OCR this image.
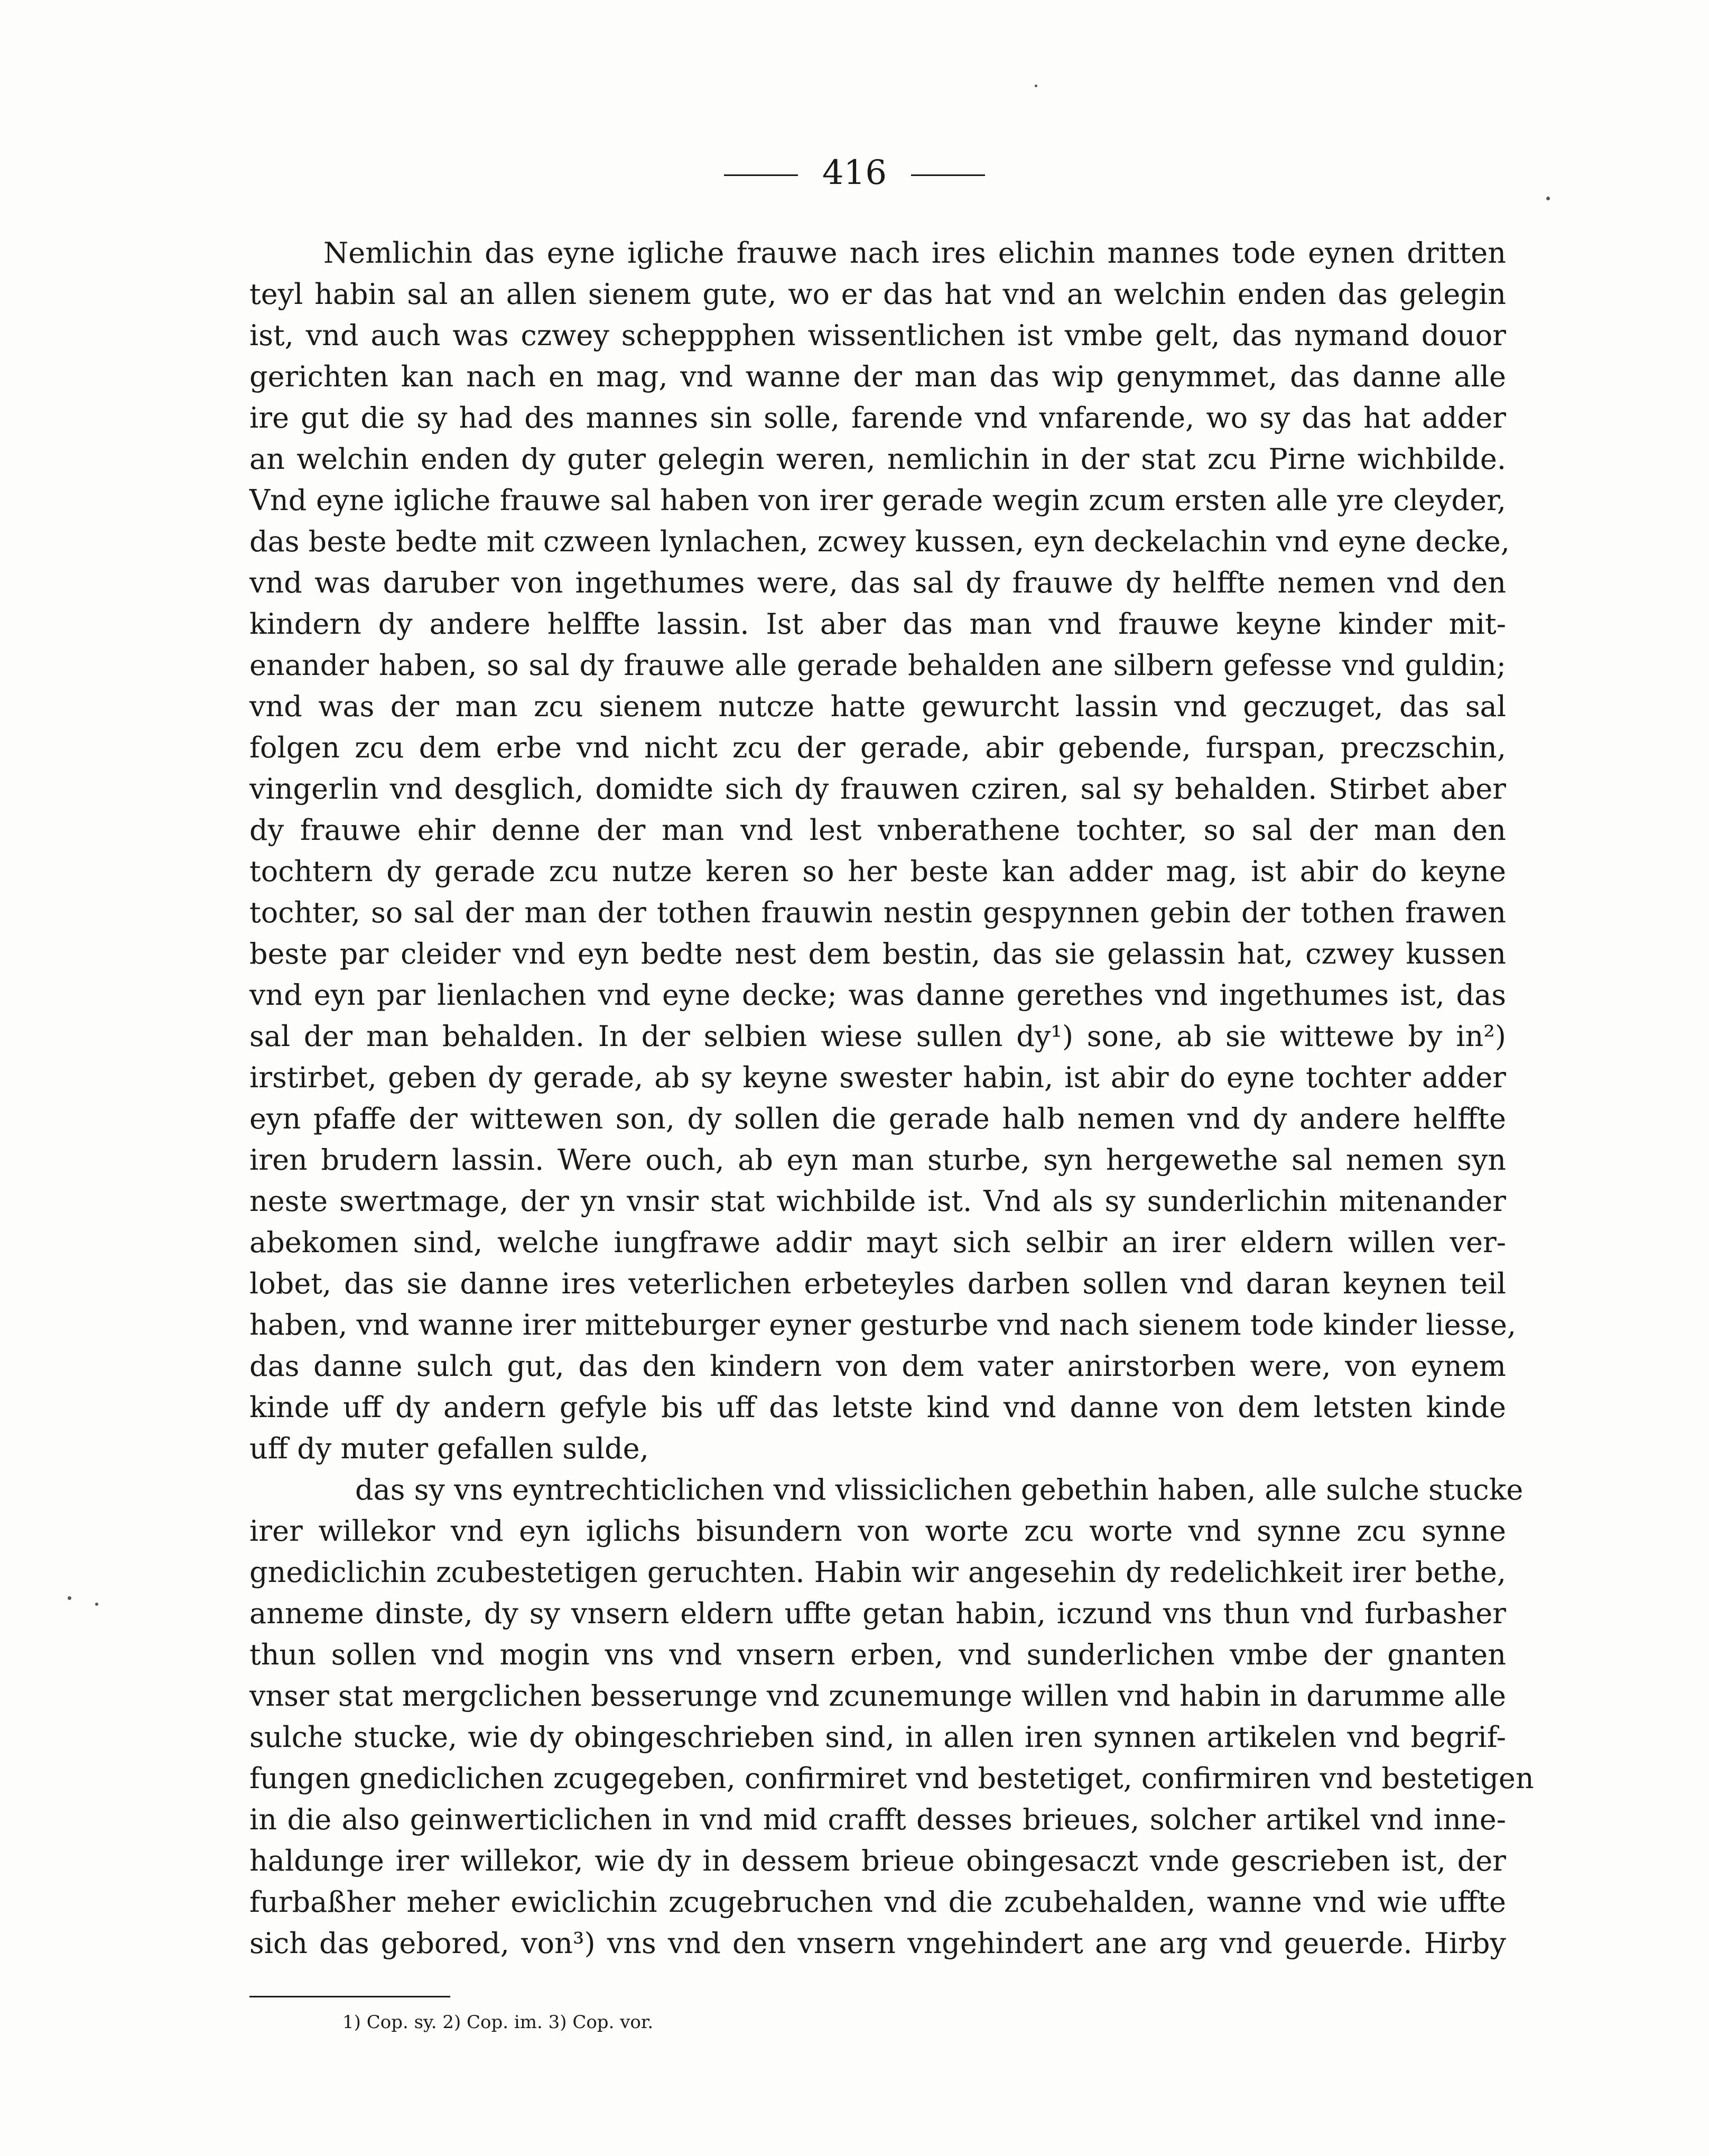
416
Nemlichin das eyne igliche frauwe nach ires elichin mannes tode eynen dritten
teyl habin sal an allen sienem gute, wo er das hat vnd an welchin enden das gelegin
ist, vnd auch was czwey scheppphen wissentlichen ist vmbe gelt, das nymand douor
gerichten kan nach en mag, vnd wanne der man das wip genymmet, das danne alle
ire gut die sy had des mannes sin solle, farende vnd vnfarende, wo sy das hat adder
an welchin enden dy guter gelegin weren, nemlichin in der stat zcu Pirne wichbilde.
Vnd eyne igliche frauwe sal haben von irer gerade wegin zcum ersten alle yre cleyder,
das beste bedte mit czween lynlachen, zcwey kussen, eyn deckelachin vnd eyne decke,
vnd was daruber von ingethumes were, das sal dy frauwe dy helffte nemen vnd den
kindern dy andere helffte lassin. Ist aber das man vnd frauwe keyne kinder mit-
enander haben, so sal dy frauwe alle gerade behalden ane silbern gefesse vnd guldin;
vnd was der man zcu sienem nutcze hatte gewurcht lassin vnd geczuget, das sal
folgen zcu dem erbe vnd nicht zcu der gerade, abir gebende, furspan, preczschin,
vingerlin vnd desglich, domidte sich dy frauwen cziren, sal sy behalden. Stirbet aber
dy frauwe ehir denne der man vnd lest vnberathene tochter, so sal der man den
tochtern dy gerade zcu nutze keren so her beste kan adder mag, ist abir do keyne
tochter, so sal der man der tothen frauwin nestin gespynnen gebin der tothen frawen
beste par cleider vnd eyn bedte nest dem bestin, das sie gelassin hat, czwey kussen
vnd eyn par lienlachen vnd eyne decke; was danne gerethes vnd ingethumes ist, das
sal der man behalden. In der selbien wiese sullen dy¹) sone, ab sie wittewe by in²)
irstirbet, geben dy gerade, ab sy keyne swester habin, ist abir do eyne tochter adder
eyn pfaffe der wittewen son, dy sollen die gerade halb nemen vnd dy andere helffte
iren brudern lassin. Were ouch, ab eyn man sturbe, syn hergewethe sal nemen syn
neste swertmage, der yn vnsir stat wichbilde ist. Vnd als sy sunderlichin mitenander
abekomen sind, welche iungfrawe addir mayt sich selbir an irer eldern willen ver-
lobet, das sie danne ires veterlichen erbeteyles darben sollen vnd daran keynen teil
haben, vnd wanne irer mitteburger eyner gesturbe vnd nach sienem tode kinder liesse,
das danne sulch gut, das den kindern von dem vater anirstorben were, von eynem
kinde uff dy andern gefyle bis uff das letste kind vnd danne von dem letsten kinde
uff dy muter gefallen sulde,
das sy vns eyntrechticlichen vnd vlissiclichen gebethin haben, alle sulche stucke
irer willekor vnd eyn iglichs bisundern von worte zcu worte vnd synne zcu synne
gnediclichin zcubestetigen geruchten. Habin wir angesehin dy redelichkeit irer bethe,
anneme dinste, dy sy vnsern eldern uffte getan habin, iczund vns thun vnd furbasher
thun sollen vnd mogin vns vnd vnsern erben, vnd sunderlichen vmbe der gnanten
vnser stat mergclichen besserunge vnd zcunemunge willen vnd habin in darumme alle
sulche stucke, wie dy obingeschrieben sind, in allen iren synnen artikelen vnd begrif-
fungen gnediclichen zcugegeben, confirmiret vnd bestetiget, confirmiren vnd bestetigen
in die also geinwerticlichen in vnd mid crafft desses brieues, solcher artikel vnd inne-
haldunge irer willekor, wie dy in dessem brieue obingesaczt vnde gescrieben ist, der
furbaßher meher ewiclichin zcugebruchen vnd die zcubehalden, wanne vnd wie uffte
sich das gebored, von³) vns vnd den vnsern vngehindert ane arg vnd geuerde. Hirby
1) Cop. sy. 2) Cop. im. 3) Cop. vor.
